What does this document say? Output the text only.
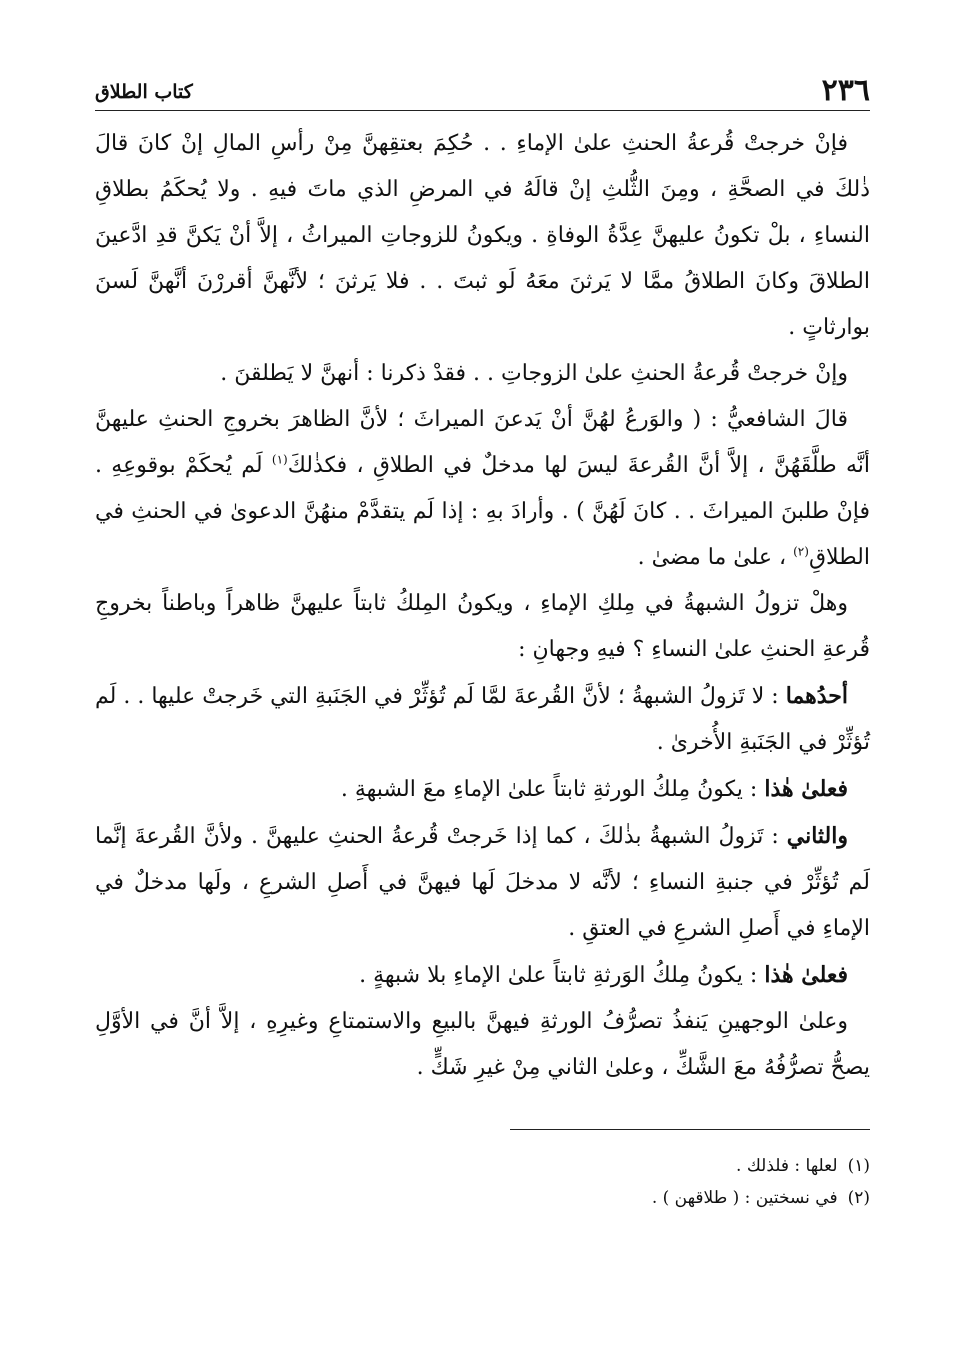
٢٣٦
كتاب الطلاق

فإنْ خرجتْ قُرعةُ الحنثِ علىٰ الإماءِ . . حُكِمَ بعتقِهنَّ مِنْ رأسِ المالِ إنْ كانَ قالَ ذٰلكَ في الصحَّةِ ، ومِنَ الثُّلثِ إنْ قالَهُ في المرضِ الذي ماتَ فيهِ . ولا يُحكَمُ بطلاقِ النساءِ ، بلْ تكونُ عليهنَّ عِدَّةُ الوفاةِ . ويكونُ للزوجاتِ الميراثُ ، إلاَّ أنْ يَكنَّ قدِ ادَّعينَ الطلاقَ وكانَ الطلاقُ ممَّا لا يَرثنَ معَهُ لَو ثبتَ . . فلا يَرثنَ ؛ لأنَّهنَّ أقررْنَ أنَّهنَّ لَسنَ بوارثاتٍ .

وإنْ خرجتْ قُرعةُ الحنثِ علىٰ الزوجاتِ . . فقدْ ذكرنا : أنهنَّ لا يَطلقنَ .

قالَ الشافعيُّ : ( والوَرعُ لهُنَّ أنْ يَدعنَ الميراثَ ؛ لأنَّ الظاهرَ بخروجِ الحنثِ عليهنَّ أنَّه طلَّقَهُنَّ ، إلاَّ أنَّ القُرعةَ ليسَ لها مدخلٌ في الطلاقِ ، فكذٰلكَ$^{(١)}$ لَم يُحكَمْ بوقوعِهِ . فإنْ طلبنَ الميراثَ . . كانَ لَهُنَّ ) . وأرادَ بهِ : إذا لَم يتقدَّمْ منهُنَّ الدعوىٰ في الحنثِ في الطلاقِ$^{(٢)}$ ، علىٰ ما مضىٰ .

وهلْ تزولُ الشبهةُ في مِلكِ الإماءِ ، ويكونُ المِلكُ ثابتاً عليهنَّ ظاهراً وباطناً بخروجِ قُرعةِ الحنثِ علىٰ النساءِ ؟ فيهِ وجهانِ :

أحدُهما : لا تَزولُ الشبهةُ ؛ لأنَّ القُرعةَ لمَّا لَم تُؤثِّرْ في الجَنَبةِ التي خَرجتْ عليها . . لَم تُؤثِّرْ في الجَنَبةِ الأُخرىٰ .

فعلىٰ هٰذا : يكونُ مِلكُ الورثةِ ثابتاً علىٰ الإماءِ معَ الشبهةِ .

والثاني : تَزولُ الشبهةُ بذٰلكَ ، كما إذا خَرجتْ قُرعةُ الحنثِ عليهنَّ . ولأنَّ القُرعةَ إنَّما لَم تُؤثِّرْ في جنبةِ النساءِ ؛ لأنَّه لا مدخلَ لَها فيهنَّ في أَصلِ الشرعِ ، ولَها مدخلٌ في الإماءِ في أَصلِ الشرعِ في العتقِ .

فعلىٰ هٰذا : يكونُ مِلكُ الوَرثةِ ثابتاً علىٰ الإماءِ بلا شبهةٍ .

وعلىٰ الوجهينِ يَنفذُ تصرُّفُ الورثةِ فيهنَّ بالبيعِ والاستمتاعِ وغيرِهِ ، إلاَّ أنَّ في الأوَّلِ يصحُّ تصرُّفُهُ معَ الشَّكِّ ، وعلىٰ الثاني مِنْ غيرِ شَكٍّ .

(١)لعلها : فلذلك .

(٢)في نسختين : ( طلاقهن ) .
